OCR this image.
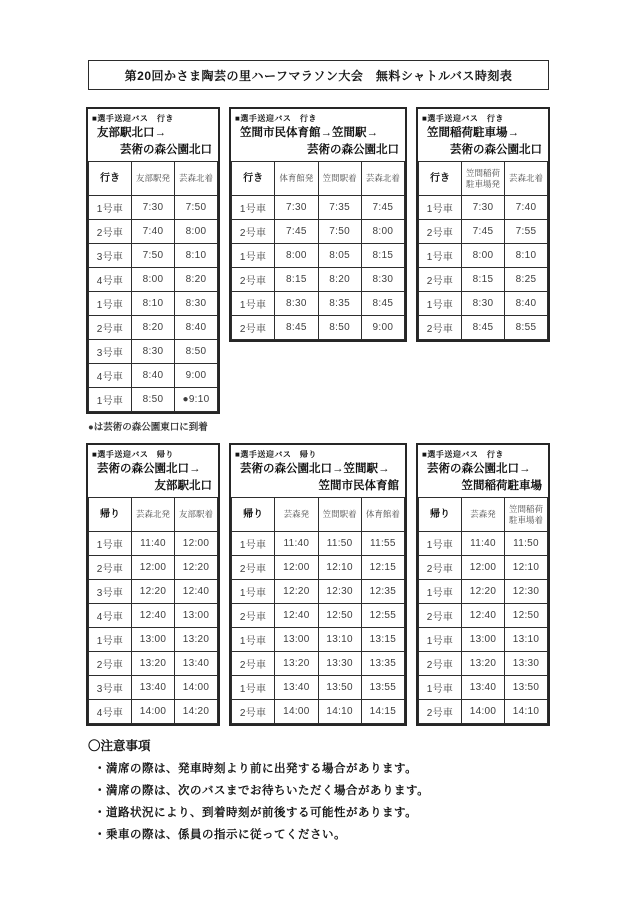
第20回かさま陶芸の里ハーフマラソン大会　無料シャトルバス時刻表
■選手送迎バス　行き
友部駅北口→
芸術の森公園北口
行き	友部駅発	芸森北着
1号車	7:30	7:50
2号車	7:40	8:00
3号車	7:50	8:10
4号車	8:00	8:20
1号車	8:10	8:30
2号車	8:20	8:40
3号車	8:30	8:50
4号車	8:40	9:00
1号車	8:50	●9:10
■選手送迎バス　行き
笠間市民体育館→笠間駅→
芸術の森公園北口
行き	体育館発	笠間駅着	芸森北着
1号車	7:30	7:35	7:45
2号車	7:45	7:50	8:00
1号車	8:00	8:05	8:15
2号車	8:15	8:20	8:30
1号車	8:30	8:35	8:45
2号車	8:45	8:50	9:00
■選手送迎バス　行き
笠間稲荷駐車場→
芸術の森公園北口
行き	笠間稲荷
駐車場発	芸森北着
1号車	7:30	7:40
2号車	7:45	7:55
1号車	8:00	8:10
2号車	8:15	8:25
1号車	8:30	8:40
2号車	8:45	8:55
●は芸術の森公園東口に到着
■選手送迎バス　帰り
芸術の森公園北口→
友部駅北口
帰り	芸森北発	友部駅着
1号車	11:40	12:00
2号車	12:00	12:20
3号車	12:20	12:40
4号車	12:40	13:00
1号車	13:00	13:20
2号車	13:20	13:40
3号車	13:40	14:00
4号車	14:00	14:20
■選手送迎バス　帰り
芸術の森公園北口→笠間駅→
笠間市民体育館
帰り	芸森発	笠間駅着	体育館着
1号車	11:40	11:50	11:55
2号車	12:00	12:10	12:15
1号車	12:20	12:30	12:35
2号車	12:40	12:50	12:55
1号車	13:00	13:10	13:15
2号車	13:20	13:30	13:35
1号車	13:40	13:50	13:55
2号車	14:00	14:10	14:15
■選手送迎バス　行き
芸術の森公園北口→
笠間稲荷駐車場
帰り	芸森発	笠間稲荷
駐車場着
1号車	11:40	11:50
2号車	12:00	12:10
1号車	12:20	12:30
2号車	12:40	12:50
1号車	13:00	13:10
2号車	13:20	13:30
1号車	13:40	13:50
2号車	14:00	14:10
〇注意事項
・満席の際は、発車時刻より前に出発する場合があります。
・満席の際は、次のバスまでお待ちいただく場合があります。
・道路状況により、到着時刻が前後する可能性があります。
・乗車の際は、係員の指示に従ってください。
